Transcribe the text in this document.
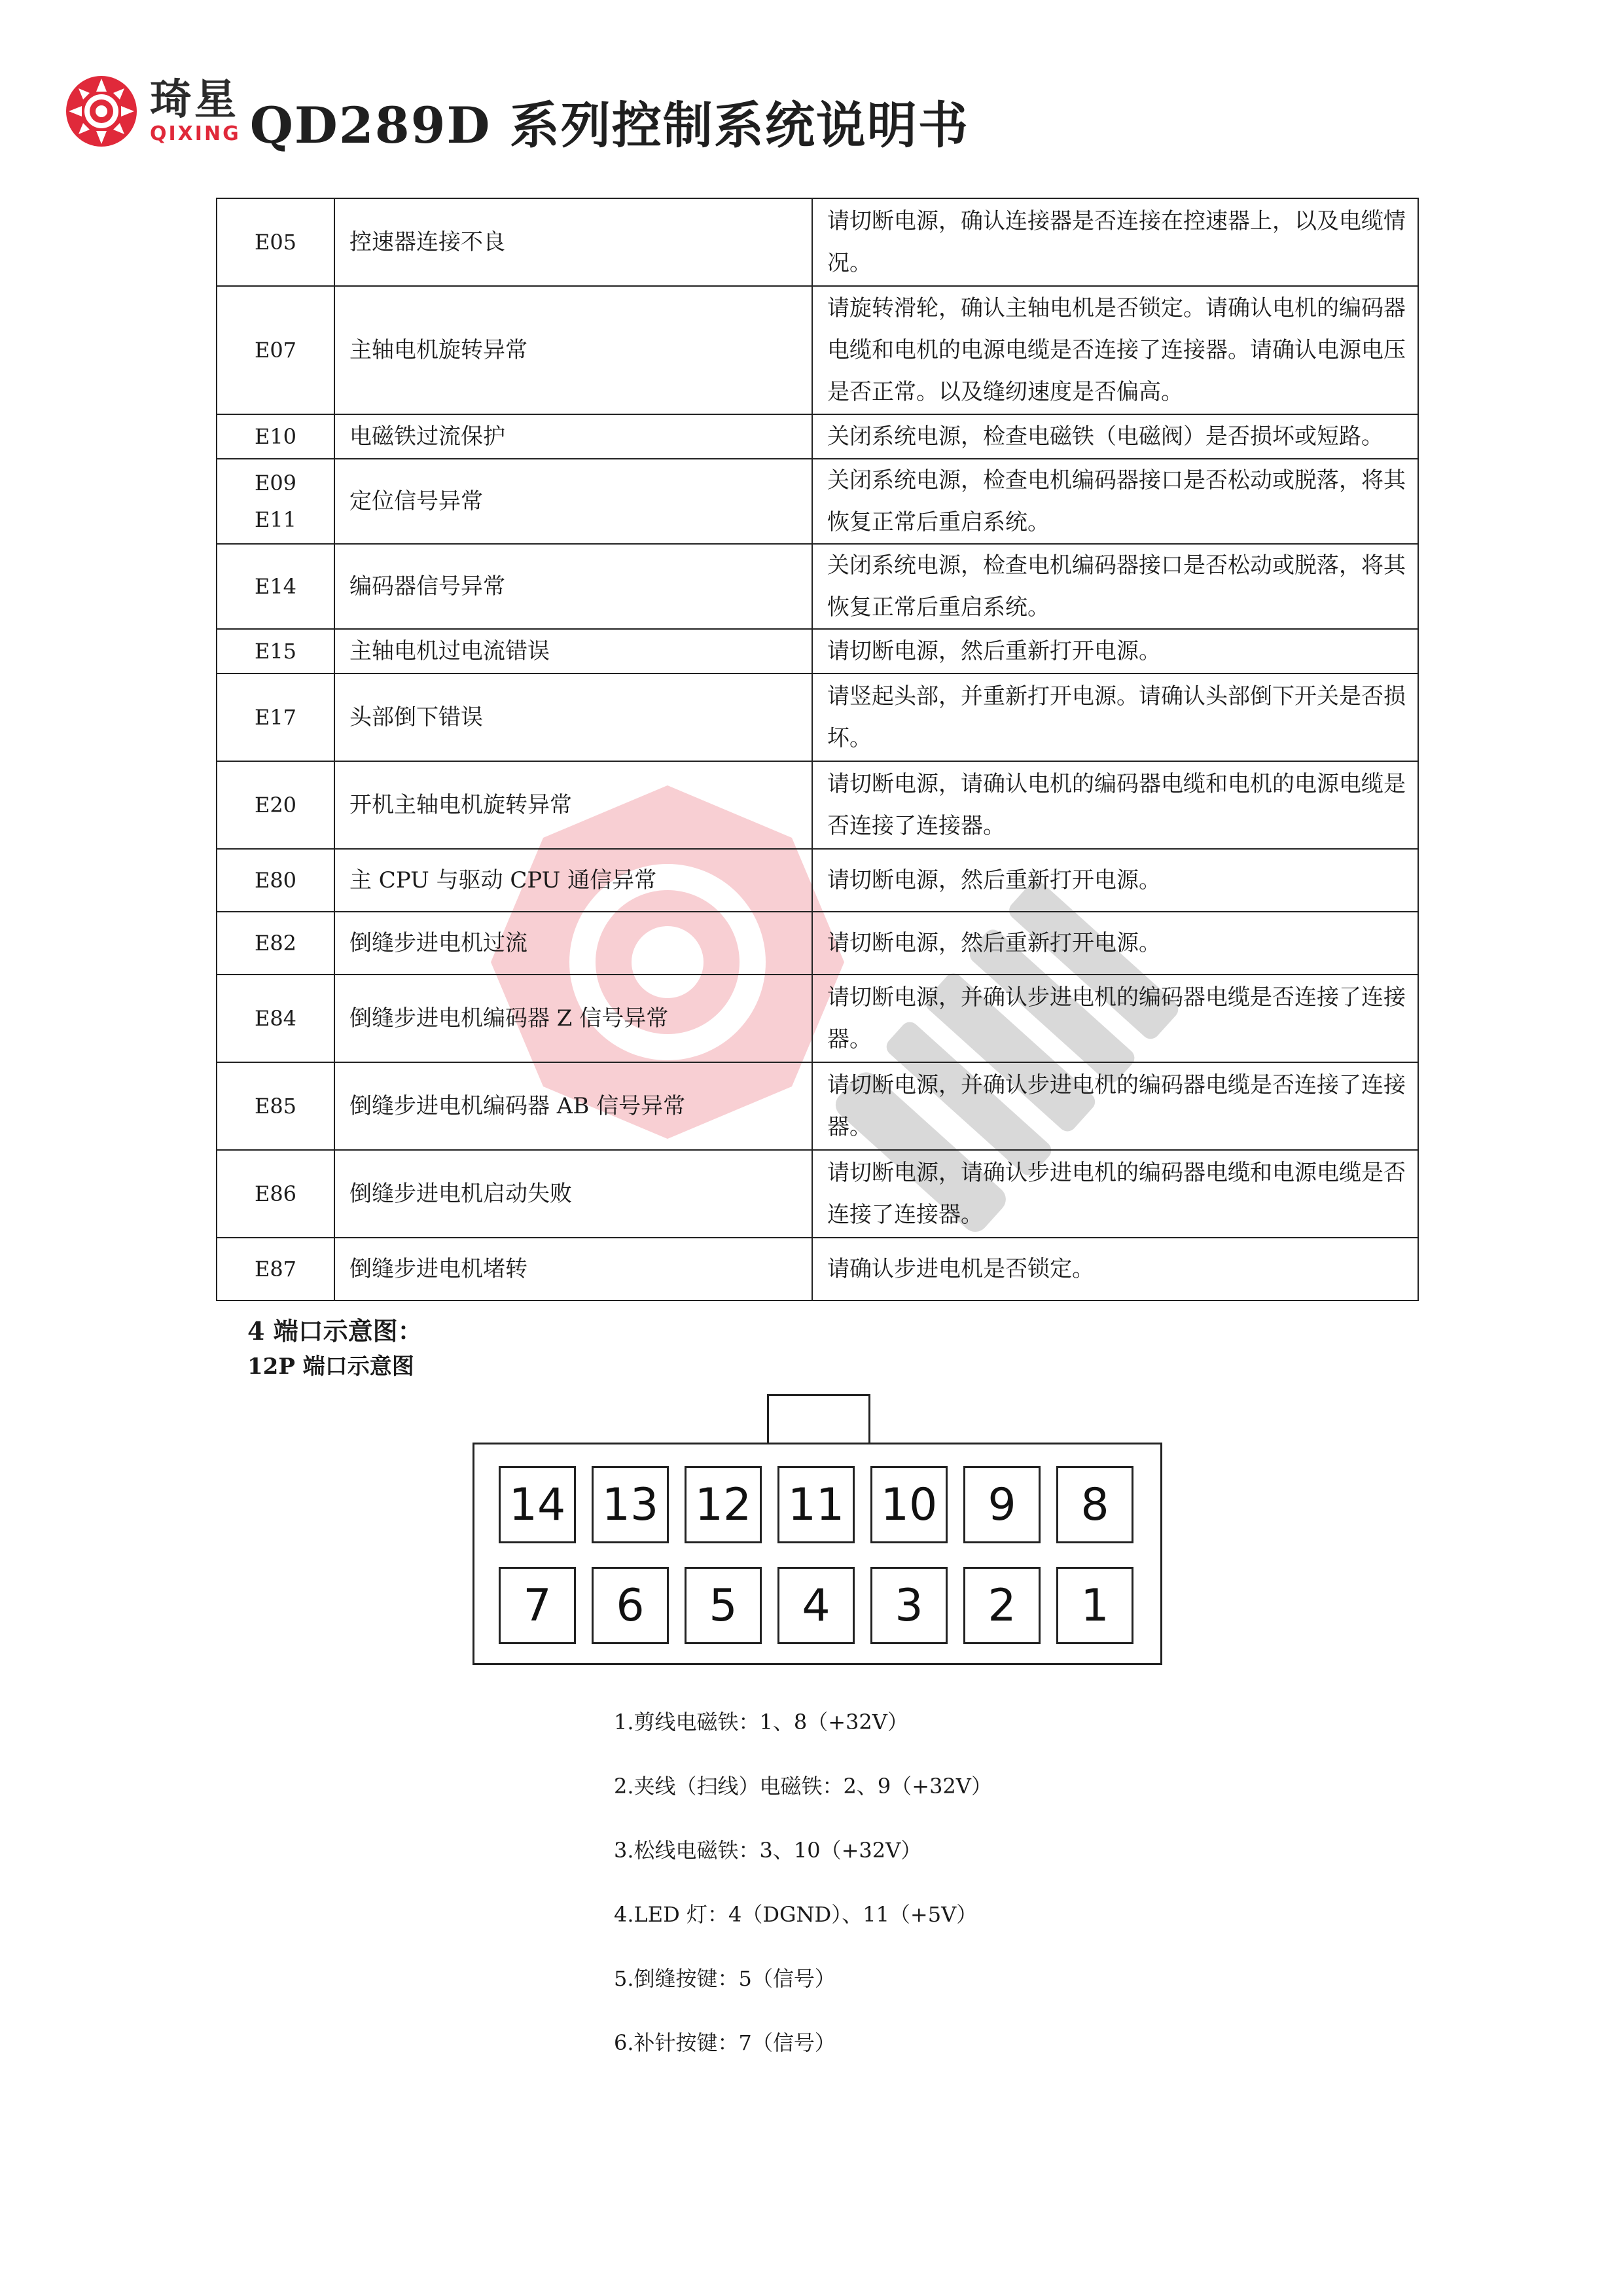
琦星
QIXING QD289D 系列控制系统说明书
E05	控速器连接不良	请切断电源，确认连接器是否连接在控速器上，以及电缆情况。
E07	主轴电机旋转异常	请旋转滑轮，确认主轴电机是否锁定。请确认电机的编码器电缆和电机的电源电缆是否连接了连接器。请确认电源电压是否正常。以及缝纫速度是否偏高。
E10	电磁铁过流保护	关闭系统电源，检查电磁铁（电磁阀）是否损坏或短路。
E09
E11	定位信号异常	关闭系统电源，检查电机编码器接口是否松动或脱落，将其恢复正常后重启系统。
E14	编码器信号异常	关闭系统电源，检查电机编码器接口是否松动或脱落，将其恢复正常后重启系统。
E15	主轴电机过电流错误	请切断电源，然后重新打开电源。
E17	头部倒下错误	请竖起头部，并重新打开电源。请确认头部倒下开关是否损坏。
E20	开机主轴电机旋转异常	请切断电源，请确认电机的编码器电缆和电机的电源电缆是否连接了连接器。
E80	主 CPU 与驱动 CPU 通信异常	请切断电源，然后重新打开电源。
E82	倒缝步进电机过流	请切断电源，然后重新打开电源。
E84	倒缝步进电机编码器 Z 信号异常	请切断电源，并确认步进电机的编码器电缆是否连接了连接器。
E85	倒缝步进电机编码器 AB 信号异常	请切断电源，并确认步进电机的编码器电缆是否连接了连接器。
E86	倒缝步进电机启动失败	请切断电源，请确认步进电机的编码器电缆和电源电缆是否连接了连接器。
E87	倒缝步进电机堵转	请确认步进电机是否锁定。
4 端口示意图：
12P 端口示意图
14 13 12 11 10	9	8
7	6	5	4	3	2	1
1.剪线电磁铁：1、8（+32V）
2.夹线（扫线）电磁铁：2、9（+32V）
3.松线电磁铁：3、10（+32V）
4.LED 灯：4（DGND）、11（+5V）
5.倒缝按键：5（信号）
6.补针按键：7（信号）
